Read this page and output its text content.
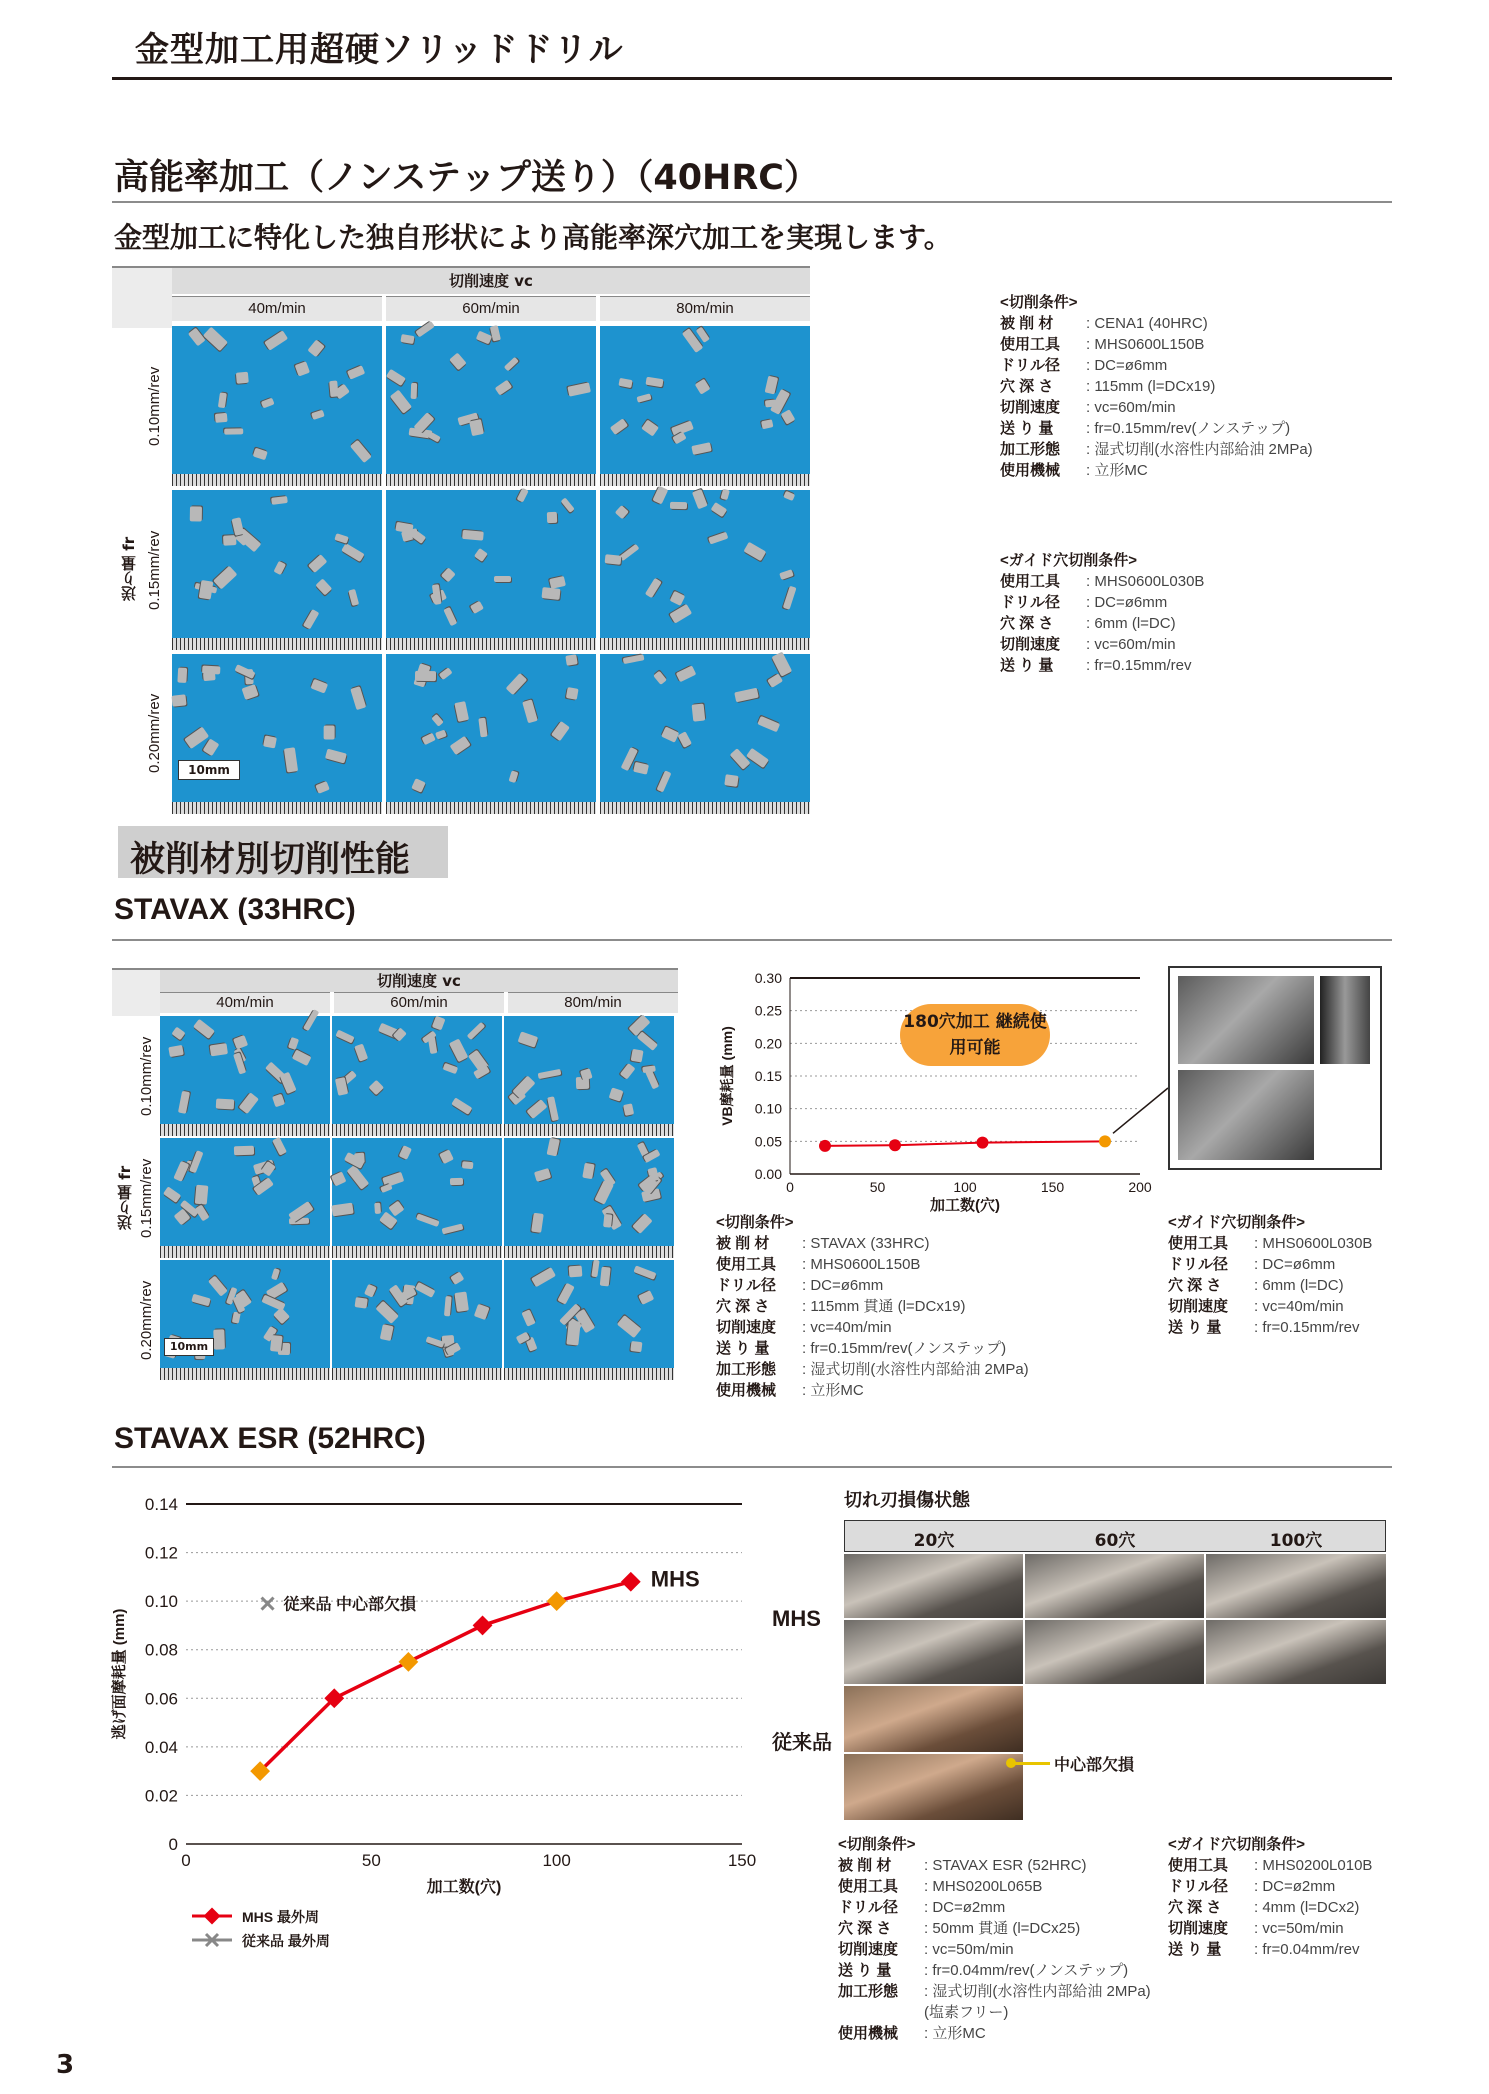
金型加工用超硬ソリッドドリル
高能率加工（ノンステップ送り）（40HRC）
金型加工に特化した独自形状により高能率深穴加工を実現します。
切削速度 vc
40m/min	60m/min	80m/min
送り量 fr
0.10mm/rev
0.15mm/rev
0.20mm/rev	10mm
<切削条件>
被 削 材 : CENA1 (40HRC)
使用工具 : MHS0600L150B
ドリル径 : DC=ø6mm
穴 深 さ : 115mm (l=DCx19)
切削速度 : vc=60m/min
送 り 量 : fr=0.15mm/rev(ノンステップ)
加工形態 : 湿式切削(水溶性内部給油 2MPa)
使用機械 : 立形MC
<ガイド穴切削条件>
使用工具 : MHS0600L030B
ドリル径 : DC=ø6mm
穴 深 さ : 6mm (l=DC)
切削速度 : vc=60m/min
送 り 量 : fr=0.15mm/rev
被削材別切削性能
STAVAX (33HRC)
切削速度 vc
40m/min	60m/min	80m/min
送り量 fr
0.10mm/rev
0.15mm/rev
0.20mm/rev	10mm
0.00
0.05
0.10
0.15
0.20
0.25
0.30
0	50	100	150	200
加工数(穴)
VB摩耗量 (mm)
180穴加工 継続使用可能
<切削条件>
被 削 材 : STAVAX (33HRC)
使用工具 : MHS0600L150B
ドリル径 : DC=ø6mm
穴 深 さ : 115mm 貫通 (l=DCx19)
切削速度 : vc=40m/min
送 り 量 : fr=0.15mm/rev(ノンステップ)
加工形態 : 湿式切削(水溶性内部給油 2MPa)
使用機械 : 立形MC
<ガイド穴切削条件>
使用工具 : MHS0600L030B
ドリル径 : DC=ø6mm
穴 深 さ : 6mm (l=DC)
切削速度 : vc=40m/min
送 り 量 : fr=0.15mm/rev
STAVAX ESR (52HRC)
0
0.02
0.04
0.06
0.08
0.10
0.12
0.14
0	50	100	150
加工数(穴)
逃げ面摩耗量 (mm)
MHS
従来品 中心部欠損
MHS 最外周
従来品 最外周
切れ刃損傷状態
20穴	60穴	100穴
MHS
従来品
中心部欠損
<切削条件>
被 削 材 : STAVAX ESR (52HRC)
使用工具 : MHS0200L065B
ドリル径 : DC=ø2mm
穴 深 さ : 50mm 貫通 (l=DCx25)
切削速度 : vc=50m/min
送 り 量 : fr=0.04mm/rev(ノンステップ)
加工形態 : 湿式切削(水溶性内部給油 2MPa)
(塩素フリー)
使用機械 : 立形MC
<ガイド穴切削条件>
使用工具 : MHS0200L010B
ドリル径 : DC=ø2mm
穴 深 さ : 4mm (l=DCx2)
切削速度 : vc=50m/min
送 り 量 : fr=0.04mm/rev
3
